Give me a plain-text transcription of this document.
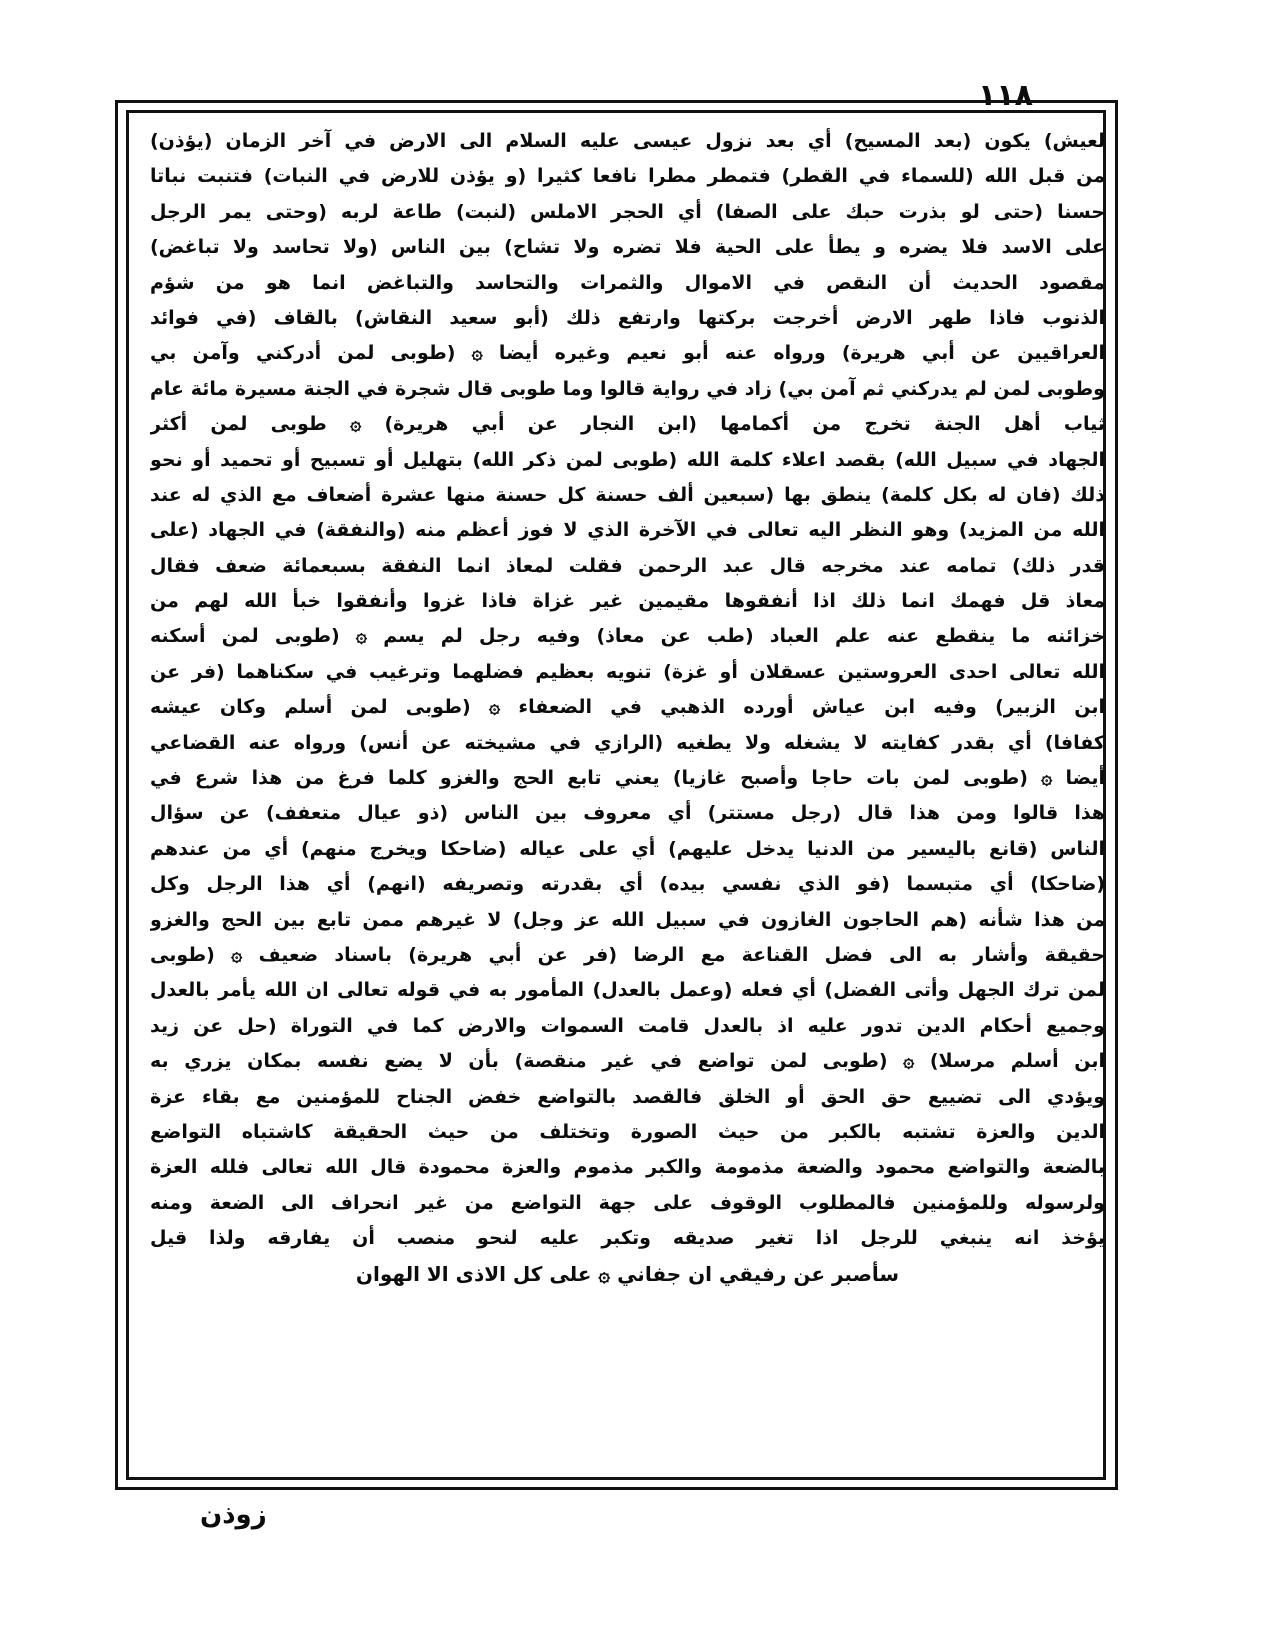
١١٨
لعيش) يكون (بعد المسيح) أي بعد نزول عيسى عليه السلام الى الارض في آخر الزمان (يؤذن)
من قبل الله (للسماء في القطر) فتمطر مطرا نافعا كثيرا (و يؤذن للارض في النبات) فتنبت نباتا
حسنا (حتى لو بذرت حبك على الصفا) أي الحجر الاملس (لنبت) طاعة لربه (وحتى يمر الرجل
على الاسد فلا يضره و يطأ على الحية فلا تضره ولا تشاح) بين الناس (ولا تحاسد ولا تباغض)
مقصود الحديث أن النقص في الاموال والثمرات والتحاسد والتباغض انما هو من شؤم
الذنوب فاذا طهر الارض أخرجت بركتها وارتفع ذلك (أبو سعيد النقاش) بالقاف (في فوائد
العراقيين عن أبي هريرة) ورواه عنه أبو نعيم وغيره أيضا ۞ (طوبى لمن أدركني وآمن بي
وطوبى لمن لم يدركني ثم آمن بي) زاد في رواية قالوا وما طوبى قال شجرة في الجنة مسيرة مائة عام
ثياب أهل الجنة تخرج من أكمامها (ابن النجار عن أبي هريرة) ۞ طوبى لمن أكثر
الجهاد في سبيل الله) بقصد اعلاء كلمة الله (طوبى لمن ذكر الله) بتهليل أو تسبيح أو تحميد أو نحو
ذلك (فان له بكل كلمة) ينطق بها (سبعين ألف حسنة كل حسنة منها عشرة أضعاف مع الذي له عند
الله من المزيد) وهو النظر اليه تعالى في الآخرة الذي لا فوز أعظم منه (والنفقة) في الجهاد (على
قدر ذلك) تمامه عند مخرجه قال عبد الرحمن فقلت لمعاذ انما النفقة بسبعمائة ضعف فقال
معاذ قل فهمك انما ذلك اذا أنفقوها مقيمين غير غزاة فاذا غزوا وأنفقوا خبأ الله لهم من
خزائنه ما ينقطع عنه علم العباد (طب عن معاذ) وفيه رجل لم يسم ۞ (طوبى لمن أسكنه
الله تعالى احدى العروستين عسقلان أو غزة) تنويه بعظيم فضلهما وترغيب في سكناهما (فر عن
ابن الزبير) وفيه ابن عياش أورده الذهبي في الضعفاء ۞ (طوبى لمن أسلم وكان عيشه
كفافا) أي بقدر كفايته لا يشغله ولا يطغيه (الرازي في مشيخته عن أنس) ورواه عنه القضاعي
أيضا ۞ (طوبى لمن بات حاجا وأصبح غازيا) يعني تابع الحج والغزو كلما فرغ من هذا شرع في
هذا قالوا ومن هذا قال (رجل مستتر) أي معروف بين الناس (ذو عيال متعفف) عن سؤال
الناس (قانع باليسير من الدنيا يدخل عليهم) أي على عياله (ضاحكا ويخرج منهم) أي من عندهم
(ضاحكا) أي متبسما (فو الذي نفسي بيده) أي بقدرته وتصريفه (انهم) أي هذا الرجل وكل
من هذا شأنه (هم الحاجون الغازون في سبيل الله عز وجل) لا غيرهم ممن تابع بين الحج والغزو
حقيقة وأشار به الى فضل القناعة مع الرضا (فر عن أبي هريرة) باسناد ضعيف ۞ (طوبى
لمن ترك الجهل وأتى الفضل) أي فعله (وعمل بالعدل) المأمور به في قوله تعالى ان الله يأمر بالعدل
وجميع أحكام الدين تدور عليه اذ بالعدل قامت السموات والارض كما في التوراة (حل عن زيد
ابن أسلم مرسلا) ۞ (طوبى لمن تواضع في غير منقصة) بأن لا يضع نفسه بمكان يزري به
ويؤدي الى تضييع حق الحق أو الخلق فالقصد بالتواضع خفض الجناح للمؤمنين مع بقاء عزة
الدين والعزة تشتبه بالكبر من حيث الصورة وتختلف من حيث الحقيقة كاشتباه التواضع
بالضعة والتواضع محمود والضعة مذمومة والكبر مذموم والعزة محمودة قال الله تعالى فلله العزة
ولرسوله وللمؤمنين فالمطلوب الوقوف على جهة التواضع من غير انحراف الى الضعة ومنه
يؤخذ انه ينبغي للرجل اذا تغير صديقه وتكبر عليه لنحو منصب أن يفارقه ولذا قيل
سأصبر عن رفيقي ان جفاني ۞ على كل الاذى الا الهوان
زوذن
